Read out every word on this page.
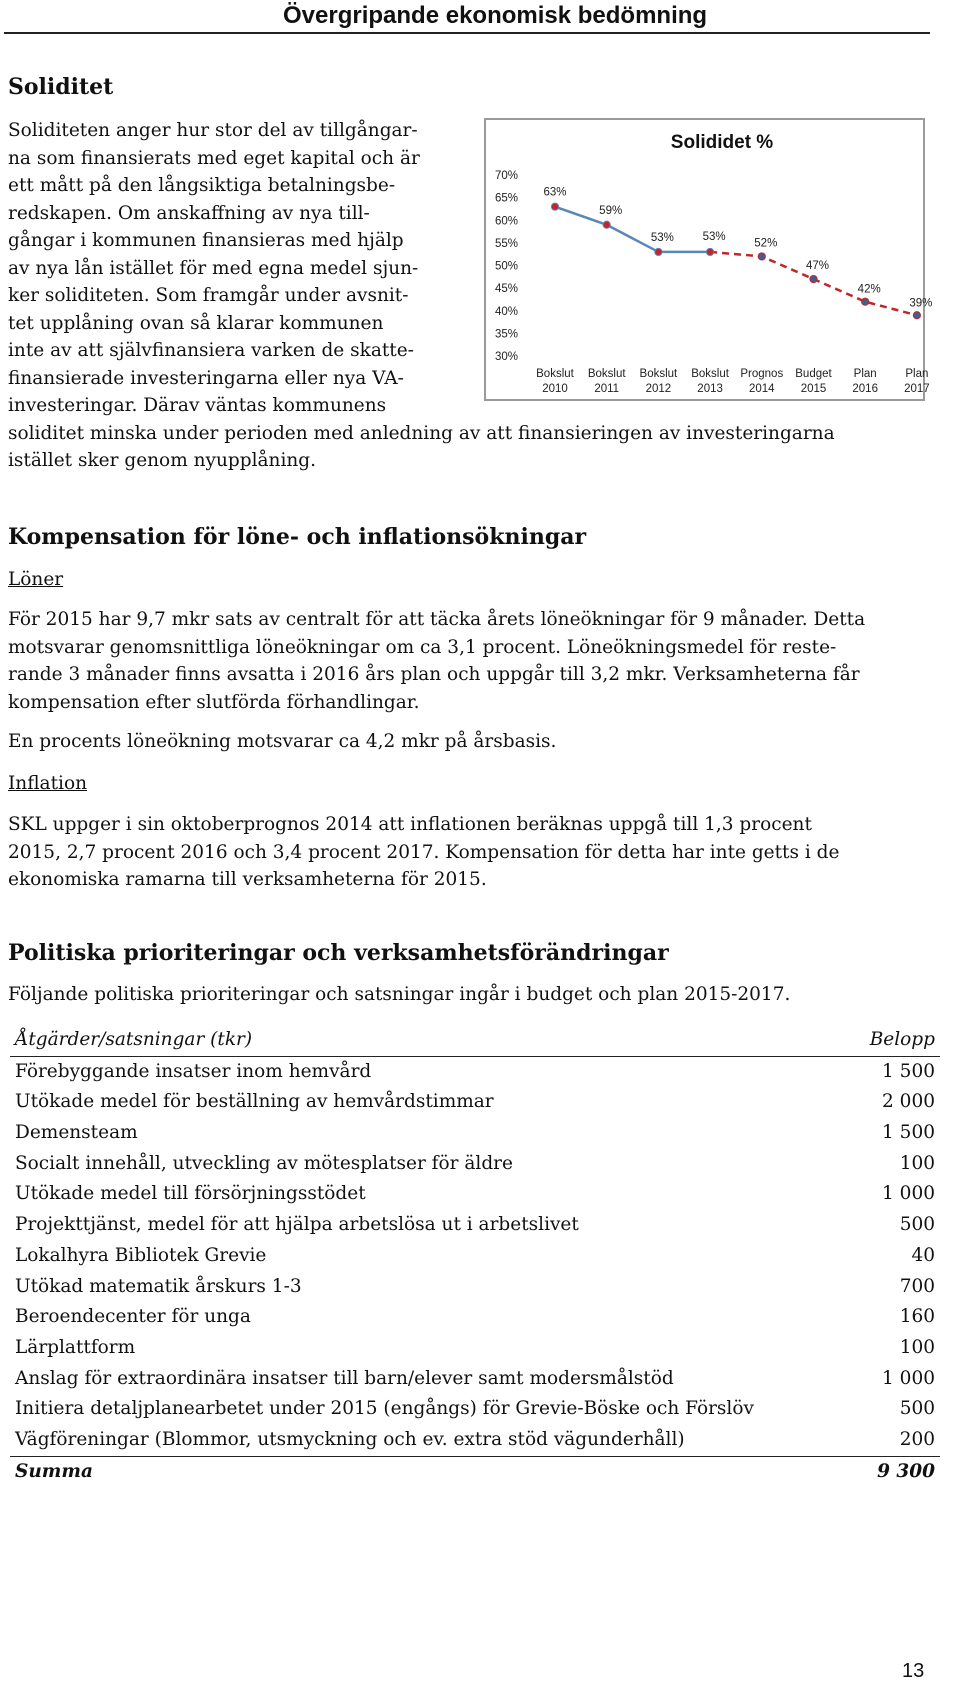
Övergripande ekonomisk bedömning
Soliditet
Soliditeten anger hur stor del av tillgångar-
na som finansierats med eget kapital och är
ett mått på den långsiktiga betalningsbe-
redskapen. Om anskaffning av nya till-
gångar i kommunen finansieras med hjälp
av nya lån istället för med egna medel sjun-
ker soliditeten. Som framgår under avsnit-
tet upplåning ovan så klarar kommunen
inte av att självfinansiera varken de skatte-
finansierade investeringarna eller nya VA-
investeringar. Därav väntas kommunens
soliditet minska under perioden med anledning av att finansieringen av investeringarna
istället sker genom nyupplåning.
Solididet %
70%
65%
60%
55%
50%
45%
40%
35%
30%
63%
59%
53% 53%
52%
47%
42%
39%
Bokslut
2010
Bokslut
2011
Bokslut
2012
Bokslut
2013
Prognos
2014
Budget
2015
Plan
2016
Plan
2017
Kompensation för löne- och inflationsökningar
Löner
För 2015 har 9,7 mkr sats av centralt för att täcka årets löneökningar för 9 månader. Detta
motsvarar genomsnittliga löneökningar om ca 3,1 procent. Löneökningsmedel för reste-
rande 3 månader finns avsatta i 2016 års plan och uppgår till 3,2 mkr. Verksamheterna får
kompensation efter slutförda förhandlingar.
En procents löneökning motsvarar ca 4,2 mkr på årsbasis.
Inflation
SKL uppger i sin oktoberprognos 2014 att inflationen beräknas uppgå till 1,3 procent
2015, 2,7 procent 2016 och 3,4 procent 2017. Kompensation för detta har inte getts i de
ekonomiska ramarna till verksamheterna för 2015.
Politiska prioriteringar och verksamhetsförändringar
Följande politiska prioriteringar och satsningar ingår i budget och plan 2015-2017.
Åtgärder/satsningar (tkr)	Belopp
Förebyggande insatser inom hemvård	1 500
Utökade medel för beställning av hemvårdstimmar	2 000
Demensteam	1 500
Socialt innehåll, utveckling av mötesplatser för äldre	100
Utökade medel till försörjningsstödet	1 000
Projekttjänst, medel för att hjälpa arbetslösa ut i arbetslivet	500
Lokalhyra Bibliotek Grevie	40
Utökad matematik årskurs 1-3	700
Beroendecenter för unga	160
Lärplattform	100
Anslag för extraordinära insatser till barn/elever samt modersmålstöd	1 000
Initiera detaljplanearbetet under 2015 (engångs) för Grevie-Böske och Förslöv	500
Vägföreningar (Blommor, utsmyckning och ev. extra stöd vägunderhåll)	200
Summa	9 300
13
